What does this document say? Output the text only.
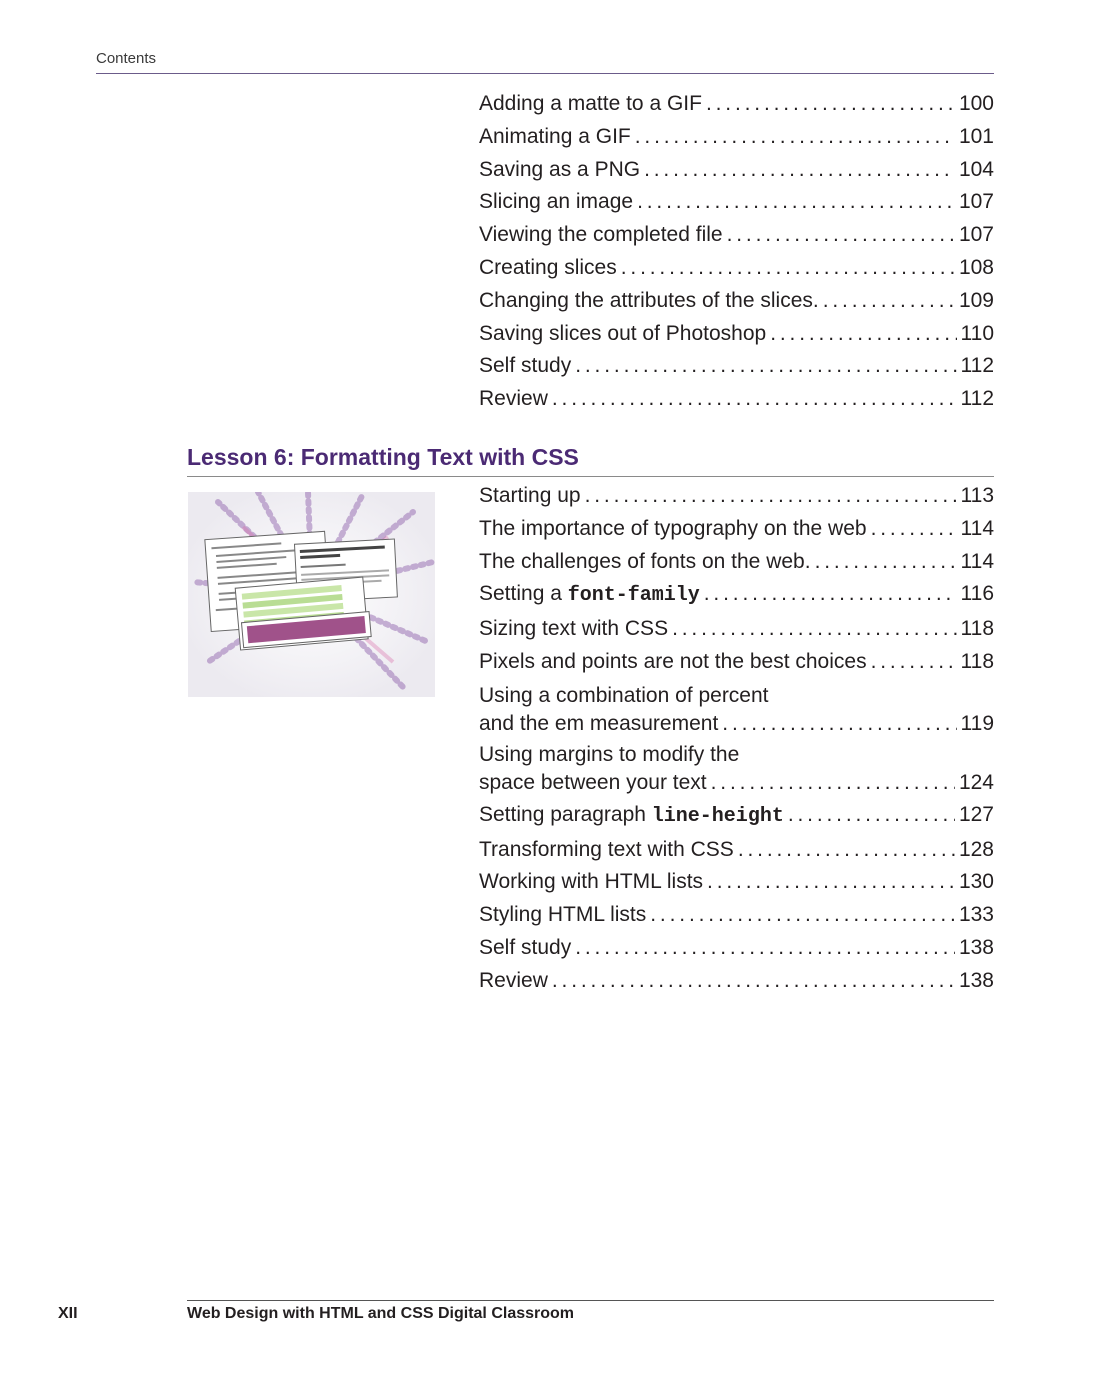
Contents
Adding a matte to a GIF . . .	100
Animating a GIF . . .	101
Saving as a PNG . . .	104
Slicing an image . . .	107
Viewing the completed file . . .	107
Creating slices . . .	108
Changing the attributes of the slices. . . .	109
Saving slices out of Photoshop . . .	110
Self study . . .	112
Review . . .	112
Lesson 6: Formatting Text with CSS
Starting up . . .	113
The importance of typography on the web . . .	114
The challenges of fonts on the web. . . .	114
Setting a font-family . . .	116
Sizing text with CSS . . .	118
Pixels and points are not the best choices . . .	118
Using a combination of percent
and the em measurement . . .	119
Using margins to modify the
space between your text . . .	124
Setting paragraph line-height . . .	127
Transforming text with CSS . . .	128
Working with HTML lists . . .	130
Styling HTML lists . . .	133
Self study . . .	138
Review . . .	138
XII	Web Design with HTML and CSS Digital Classroom
